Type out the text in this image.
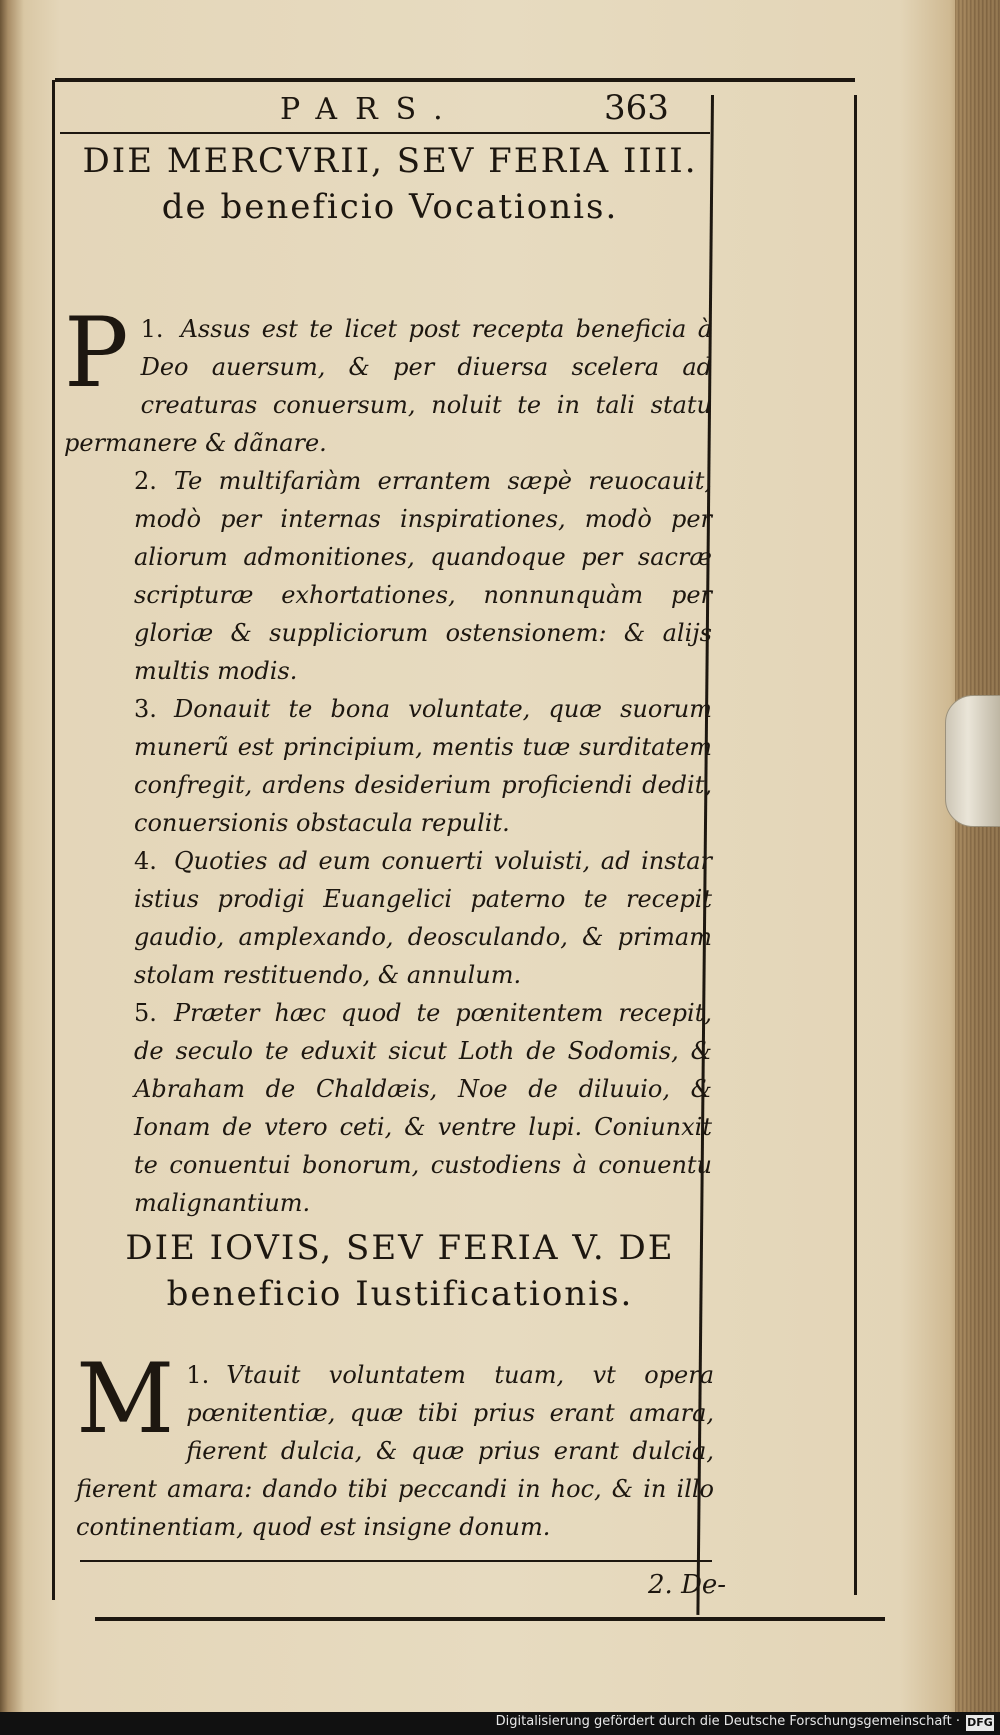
PARS.	363
DIE MERCVRII, SEV FERIA IIII. de beneficio Vocationis.

1.
P Assus est te licet post recepta beneficia à Deo auersum, & per diuersa scelera ad creaturas conuersum, noluit te in tali statu permanere & dãnare.

2. Te multifariàm errantem sæpè reuocauit, modò per internas inspirationes, modò per aliorum admonitiones, quandoque per sacræ scripturæ exhortationes, nonnunquàm per gloriæ & suppliciorum ostensionem: & alijs multis modis.

3. Donauit te bona voluntate, quæ suorum munerũ est principium, mentis tuæ surditatem confregit, ardens desiderium proficiendi dedit, conuersionis obstacula repulit.

4. Quoties ad eum conuerti voluisti, ad instar istius prodigi Euangelici paterno te recepit gaudio, amplexando, deosculando, & primam stolam restituendo, & annulum.

5. Præter hæc quod te pœnitentem recepit, de seculo te eduxit sicut Loth de Sodomis, & Abraham de Chaldæis, Noe de diluuio, & Ionam de vtero ceti, & ventre lupi. Coniunxit te conuentui bonorum, custodiens à conuentu malignantium.

DIE IOVIS, SEV FERIA V. DE beneficio Iustificationis.

1.
M Vtauit voluntatem tuam, vt opera pœnitentiæ, quæ tibi prius erant amara, fierent dulcia, & quæ prius erant dulcia, fierent amara: dando tibi peccandi in hoc, & in illo continentiam, quod est insigne donum.

2. De-
Digitalisierung gefördert durch die Deutsche Forschungsgemeinschaft · DFG
